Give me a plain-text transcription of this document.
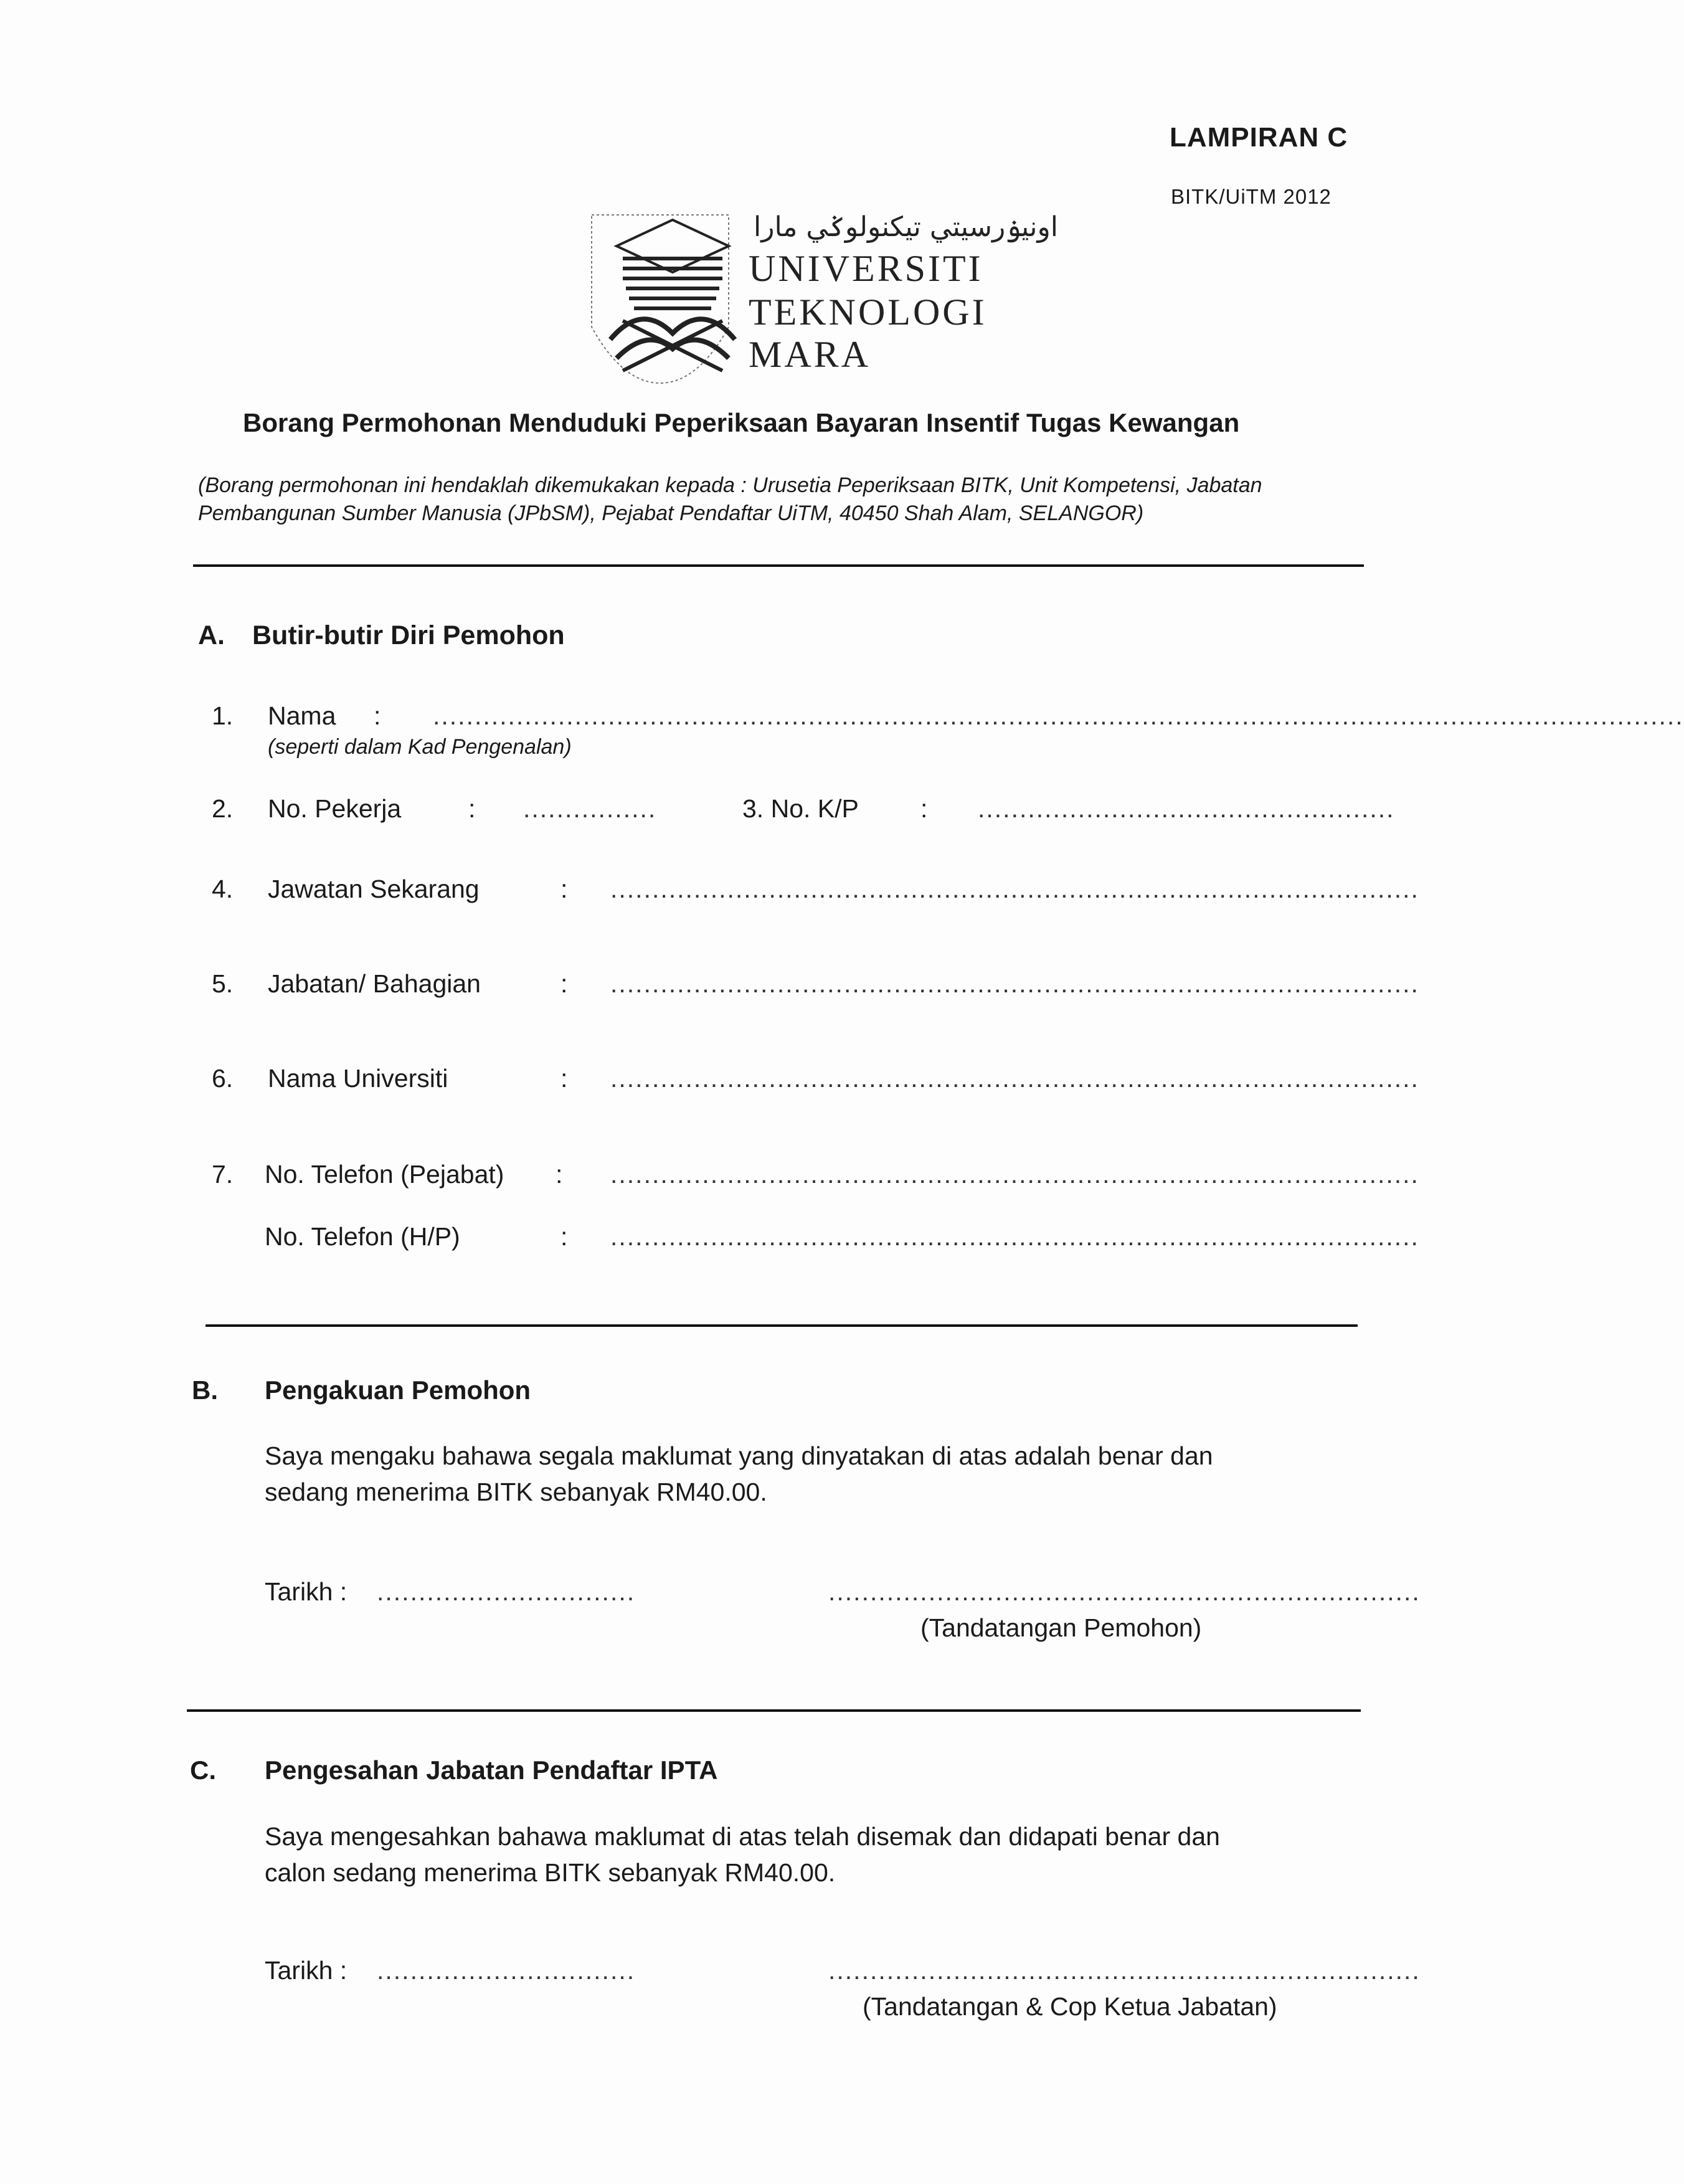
LAMPIRAN C
BITK/UiTM 2012
اونيۏرسيتي تيكنولوݢي مارا
UNIVERSITI
TEKNOLOGI
MARA
Borang Permohonan Menduduki Peperiksaan Bayaran Insentif Tugas Kewangan
(Borang permohonan ini hendaklah dikemukakan kepada : Urusetia Peperiksaan BITK, Unit Kompetensi, Jabatan
Pembangunan Sumber Manusia (JPbSM), Pejabat Pendaftar UiTM, 40450 Shah Alam, SELANGOR)
A. Butir-butir Diri Pemohon
1. Nama : ......................................................................................................................................................
(seperti dalam Kad Pengenalan)
2. No. Pekerja	: ................	3. No. K/P : ..................................................
4. Jawatan Sekarang	: .................................................................................................
5. Jabatan/ Bahagian	: .................................................................................................
6. Nama Universiti	: .................................................................................................
7. No. Telefon (Pejabat) : .................................................................................................
No. Telefon (H/P)	: .................................................................................................
B. Pengakuan Pemohon
Saya mengaku bahawa segala maklumat yang dinyatakan di atas adalah benar dan
sedang menerima BITK sebanyak RM40.00.
Tarikh : ...............................	.......................................................................
(Tandatangan Pemohon)
C. Pengesahan Jabatan Pendaftar IPTA
Saya mengesahkan bahawa maklumat di atas telah disemak dan didapati benar dan
calon sedang menerima BITK sebanyak RM40.00.
Tarikh : ...............................	.......................................................................
(Tandatangan & Cop Ketua Jabatan)
